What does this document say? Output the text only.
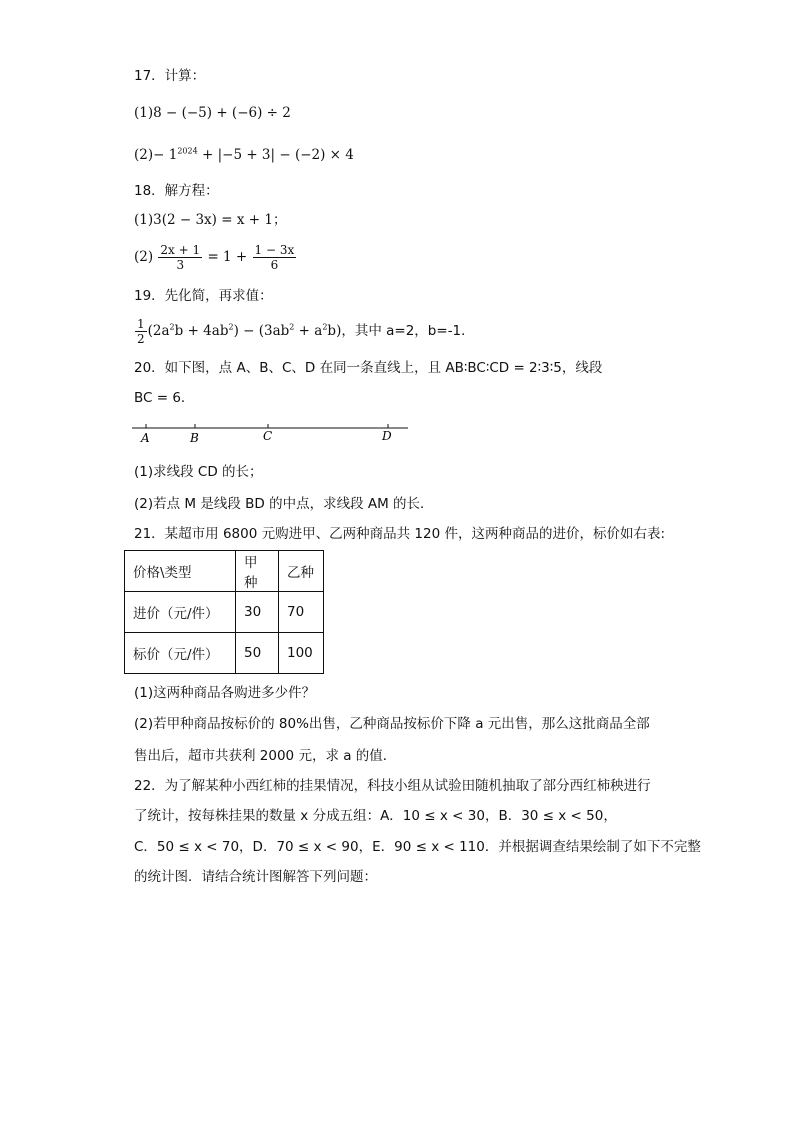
17．计算：
(1)8 − (−5) + (−6) ÷ 2
$(2)- 1^{2024} + |-5 + 3| - (-2) \times 4$
18．解方程：
(1)3(2 − 3x) = x + 1；
$(2) \frac{2x + 1}{3} = 1 + \frac{1 - 3x}{6}$
19．先化简，再求值：
$\frac{1}{2} (2a^2b + 4ab^2) - (3ab^2 + a^2b)$，其中 a=2，b=-1．
20．如下图，点 A、B、C、D 在同一条直线上，且 AB∶BC∶CD = 2∶3∶5，线段
BC = 6．
A	B	C	D
(1)求线段 CD 的长；
(2)若点 M 是线段 BD 的中点，求线段 AM 的长．
21．某超市用 6800 元购进甲、乙两种商品共 120 件，这两种商品的进价，标价如右表:
价格\类型	甲种	乙种
进价（元/件）	30	70
标价（元/件）	50	100
(1)这两种商品各购进多少件？
(2)若甲种商品按标价的 80%出售，乙种商品按标价下降 a 元出售，那么这批商品全部
售出后，超市共获利 2000 元，求 a 的值．
22．为了解某种小西红柿的挂果情况，科技小组从试验田随机抽取了部分西红柿秧进行
了统计，按每株挂果的数量 x 分成五组：A．10 ≤ x < 30，B．30 ≤ x < 50，
C．50 ≤ x < 70，D．70 ≤ x < 90，E．90 ≤ x < 110．并根据调查结果绘制了如下不完整
的统计图．请结合统计图解答下列问题：
